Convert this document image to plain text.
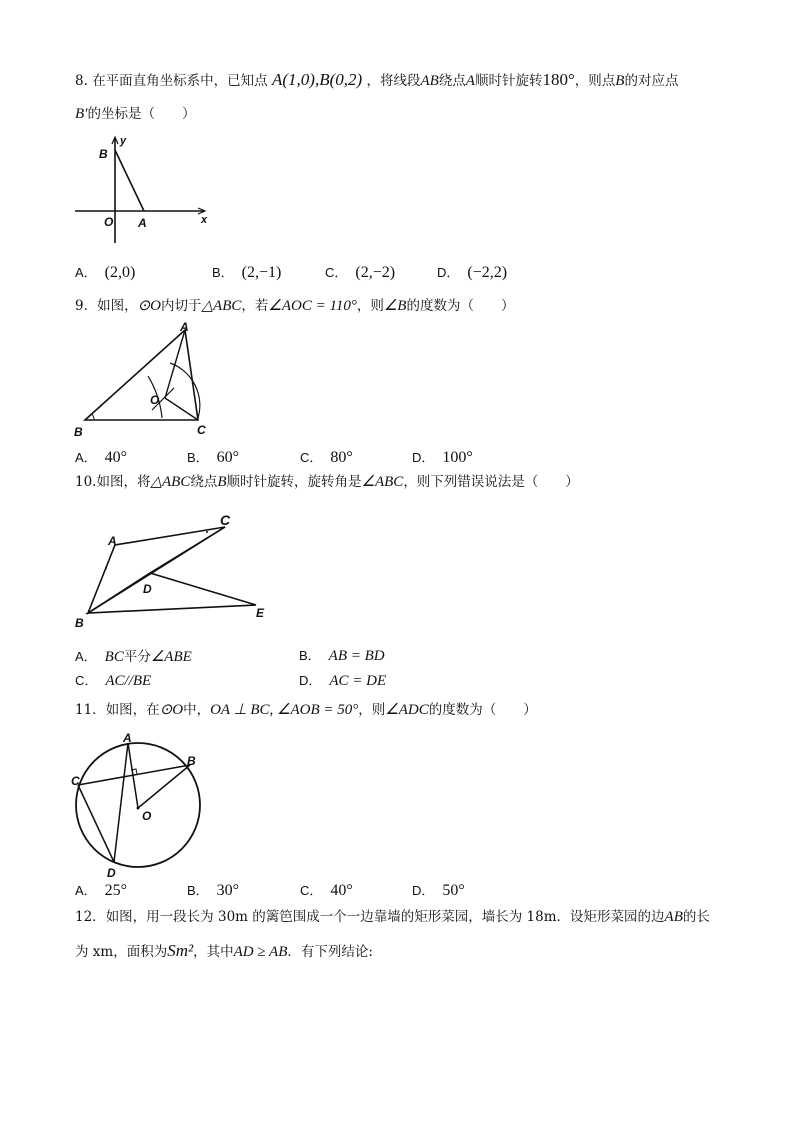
8. 在平面直角坐标系中，已知点 A(1,0),B(0,2) ，将线段AB绕点A顺时针旋转180°，则点B的对应点
B′的坐标是（　　）
B
y
O A	x
A． (2,0)	B． (2,−1)	C． (2,−2)	D． (−2,2)
9．如图，⊙O内切于△ABC，若∠AOC = 110°，则∠B的度数为（　　）
A
O
B	C
A． 40°	B． 60°	C． 80°	D． 100°
10.如图，将△ABC绕点B顺时针旋转，旋转角是∠ABC，则下列错误说法是（　　）
A
C
D
B
E
A． BC平分∠ABE	B． AB = BD
C． AC//BE	D． AC = DE
11．如图，在⊙O中，OA ⊥ BC, ∠AOB = 50°，则∠ADC的度数为（　　）
A
B
C
O
D
A． 25°	B． 30°	C． 40°	D． 50°
12．如图，用一段长为 30m 的篱笆围成一个一边靠墙的矩形菜园，墙长为 18m．设矩形菜园的边AB的长
为 xm，面积为Sm²，其中AD ≥ AB．有下列结论:
